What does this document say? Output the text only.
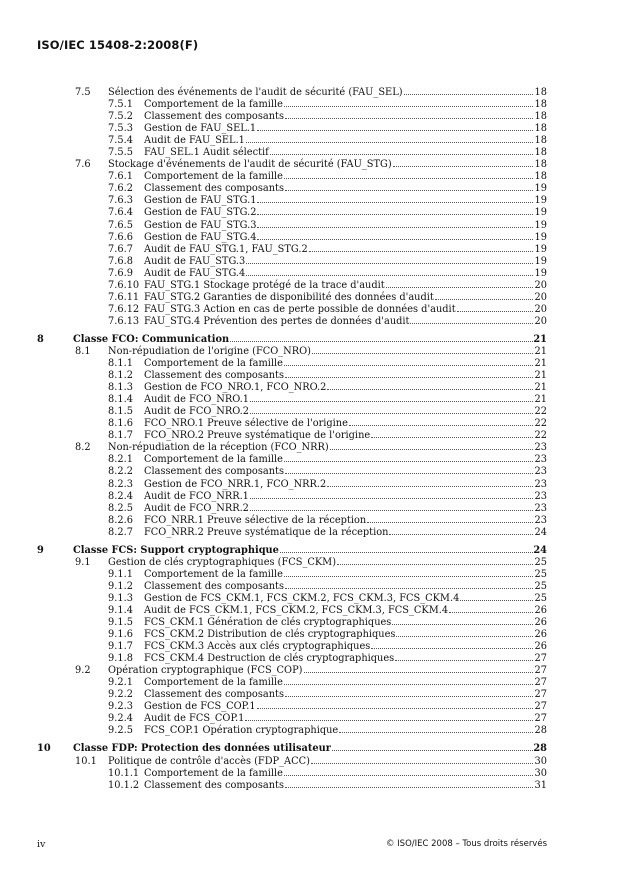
ISO/IEC 15408-2:2008(F)
7.5 Sélection des événements de l'audit de sécurité (FAU_SEL)	18
7.5.1 Comportement de la famille	18
7.5.2 Classement des composants	18
7.5.3 Gestion de FAU_SEL.1	18
7.5.4 Audit de FAU_SEL.1	18
7.5.5 FAU_SEL.1 Audit sélectif	18
7.6 Stockage d'événements de l'audit de sécurité (FAU_STG)	18
7.6.1 Comportement de la famille	18
7.6.2 Classement des composants	19
7.6.3 Gestion de FAU_STG.1	19
7.6.4 Gestion de FAU_STG.2	19
7.6.5 Gestion de FAU_STG.3	19
7.6.6 Gestion de FAU_STG.4	19
7.6.7 Audit de FAU_STG.1, FAU_STG.2	19
7.6.8 Audit de FAU_STG.3	19
7.6.9 Audit de FAU_STG.4	19
7.6.10 FAU_STG.1 Stockage protégé de la trace d'audit	20
7.6.11 FAU_STG.2 Garanties de disponibilité des données d'audit	20
7.6.12 FAU_STG.3 Action en cas de perte possible de données d'audit	20
7.6.13 FAU_STG.4 Prévention des pertes de données d'audit	20
8	Classe FCO: Communication	21
8.1 Non-répudiation de l'origine (FCO_NRO)	21
8.1.1 Comportement de la famille	21
8.1.2 Classement des composants	21
8.1.3 Gestion de FCO_NRO.1, FCO_NRO.2	21
8.1.4 Audit de FCO_NRO.1	21
8.1.5 Audit de FCO_NRO.2	22
8.1.6 FCO_NRO.1 Preuve sélective de l'origine	22
8.1.7 FCO_NRO.2 Preuve systématique de l'origine	22
8.2 Non-répudiation de la réception (FCO_NRR)	23
8.2.1 Comportement de la famille	23
8.2.2 Classement des composants	23
8.2.3 Gestion de FCO_NRR.1, FCO_NRR.2	23
8.2.4 Audit de FCO_NRR.1	23
8.2.5 Audit de FCO_NRR.2	23
8.2.6 FCO_NRR.1 Preuve sélective de la réception	23
8.2.7 FCO_NRR.2 Preuve systématique de la réception	24
9	Classe FCS: Support cryptographique	24
9.1 Gestion de clés cryptographiques (FCS_CKM)	25
9.1.1 Comportement de la famille	25
9.1.2 Classement des composants	25
9.1.3 Gestion de FCS_CKM.1, FCS_CKM.2, FCS_CKM.3, FCS_CKM.4	25
9.1.4 Audit de FCS_CKM.1, FCS_CKM.2, FCS_CKM.3, FCS_CKM.4	26
9.1.5 FCS_CKM.1 Génération de clés cryptographiques	26
9.1.6 FCS_CKM.2 Distribution de clés cryptographiques	26
9.1.7 FCS_CKM.3 Accès aux clés cryptographiques	26
9.1.8 FCS_CKM.4 Destruction de clés cryptographiques	27
9.2 Opération cryptographique (FCS_COP)	27
9.2.1 Comportement de la famille	27
9.2.2 Classement des composants	27
9.2.3 Gestion de FCS_COP.1	27
9.2.4 Audit de FCS_COP.1	27
9.2.5 FCS_COP.1 Opération cryptographique	28
10 Classe FDP: Protection des données utilisateur	28
10.1 Politique de contrôle d'accès (FDP_ACC)	30
10.1.1 Comportement de la famille	30
10.1.2 Classement des composants	31
iv	© ISO/IEC 2008 – Tous droits réservés
